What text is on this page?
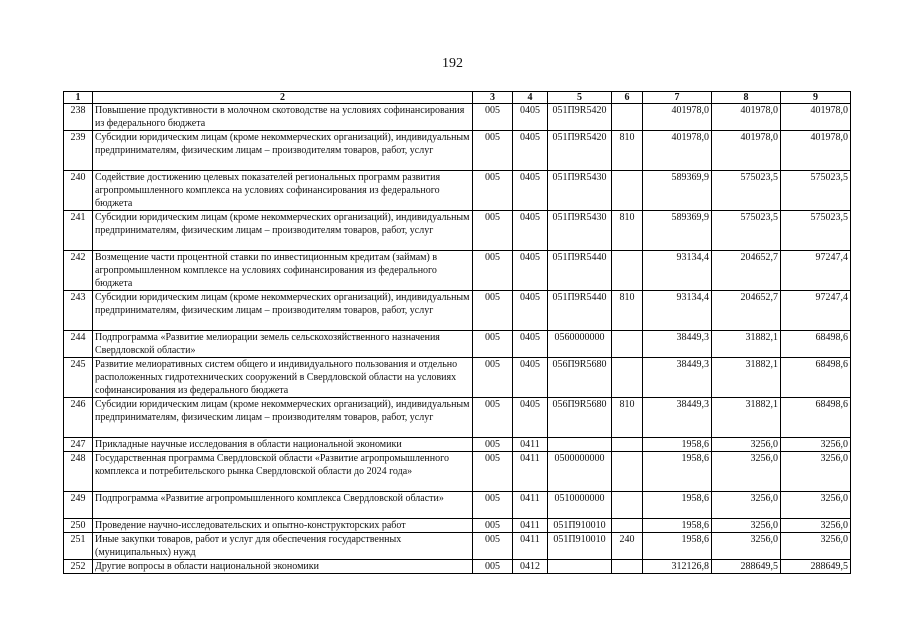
192
1	2	3	4	5	6	7	8	9
238	Повышение продуктивности в молочном скотоводстве на условиях софинансирования из федерального бюджета	005	0405	051П9R5420		401978,0	401978,0	401978,0
239	Субсидии юридическим лицам (кроме некоммерческих организаций), индивидуальным предпринимателям, физическим лицам – производителям товаров, работ, услуг	005	0405	051П9R5420	810	401978,0	401978,0	401978,0
240	Содействие достижению целевых показателей региональных программ развития агропромышленного комплекса на условиях софинансирования из федерального бюджета	005	0405	051П9R5430		589369,9	575023,5	575023,5
241	Субсидии юридическим лицам (кроме некоммерческих организаций), индивидуальным предпринимателям, физическим лицам – производителям товаров, работ, услуг	005	0405	051П9R5430	810	589369,9	575023,5	575023,5
242	Возмещение части процентной ставки по инвестиционным кредитам (займам) в агропромышленном комплексе на условиях софинансирования из федерального бюджета	005	0405	051П9R5440		93134,4	204652,7	97247,4
243	Субсидии юридическим лицам (кроме некоммерческих организаций), индивидуальным предпринимателям, физическим лицам – производителям товаров, работ, услуг	005	0405	051П9R5440	810	93134,4	204652,7	97247,4
244	Подпрограмма «Развитие мелиорации земель сельскохозяйственного назначения Свердловской области»	005	0405	0560000000		38449,3	31882,1	68498,6
245	Развитие мелиоративных систем общего и индивидуального пользования и отдельно расположенных гидротехнических сооружений в Свердловской области на условиях софинансирования из федерального бюджета	005	0405	056П9R5680		38449,3	31882,1	68498,6
246	Субсидии юридическим лицам (кроме некоммерческих организаций), индивидуальным предпринимателям, физическим лицам – производителям товаров, работ, услуг	005	0405	056П9R5680	810	38449,3	31882,1	68498,6
247	Прикладные научные исследования в области национальной экономики	005	0411			1958,6	3256,0	3256,0
248	Государственная программа Свердловской области «Развитие агропромышленного комплекса и потребительского рынка Свердловской области до 2024 года»	005	0411	0500000000		1958,6	3256,0	3256,0
249	Подпрограмма «Развитие агропромышленного комплекса Свердловской области»	005	0411	0510000000		1958,6	3256,0	3256,0
250	Проведение научно-исследовательских и опытно-конструкторских работ	005	0411	051П910010		1958,6	3256,0	3256,0
251	Иные закупки товаров, работ и услуг для обеспечения государственных (муниципальных) нужд	005	0411	051П910010	240	1958,6	3256,0	3256,0
252	Другие вопросы в области национальной экономики	005	0412			312126,8	288649,5	288649,5
